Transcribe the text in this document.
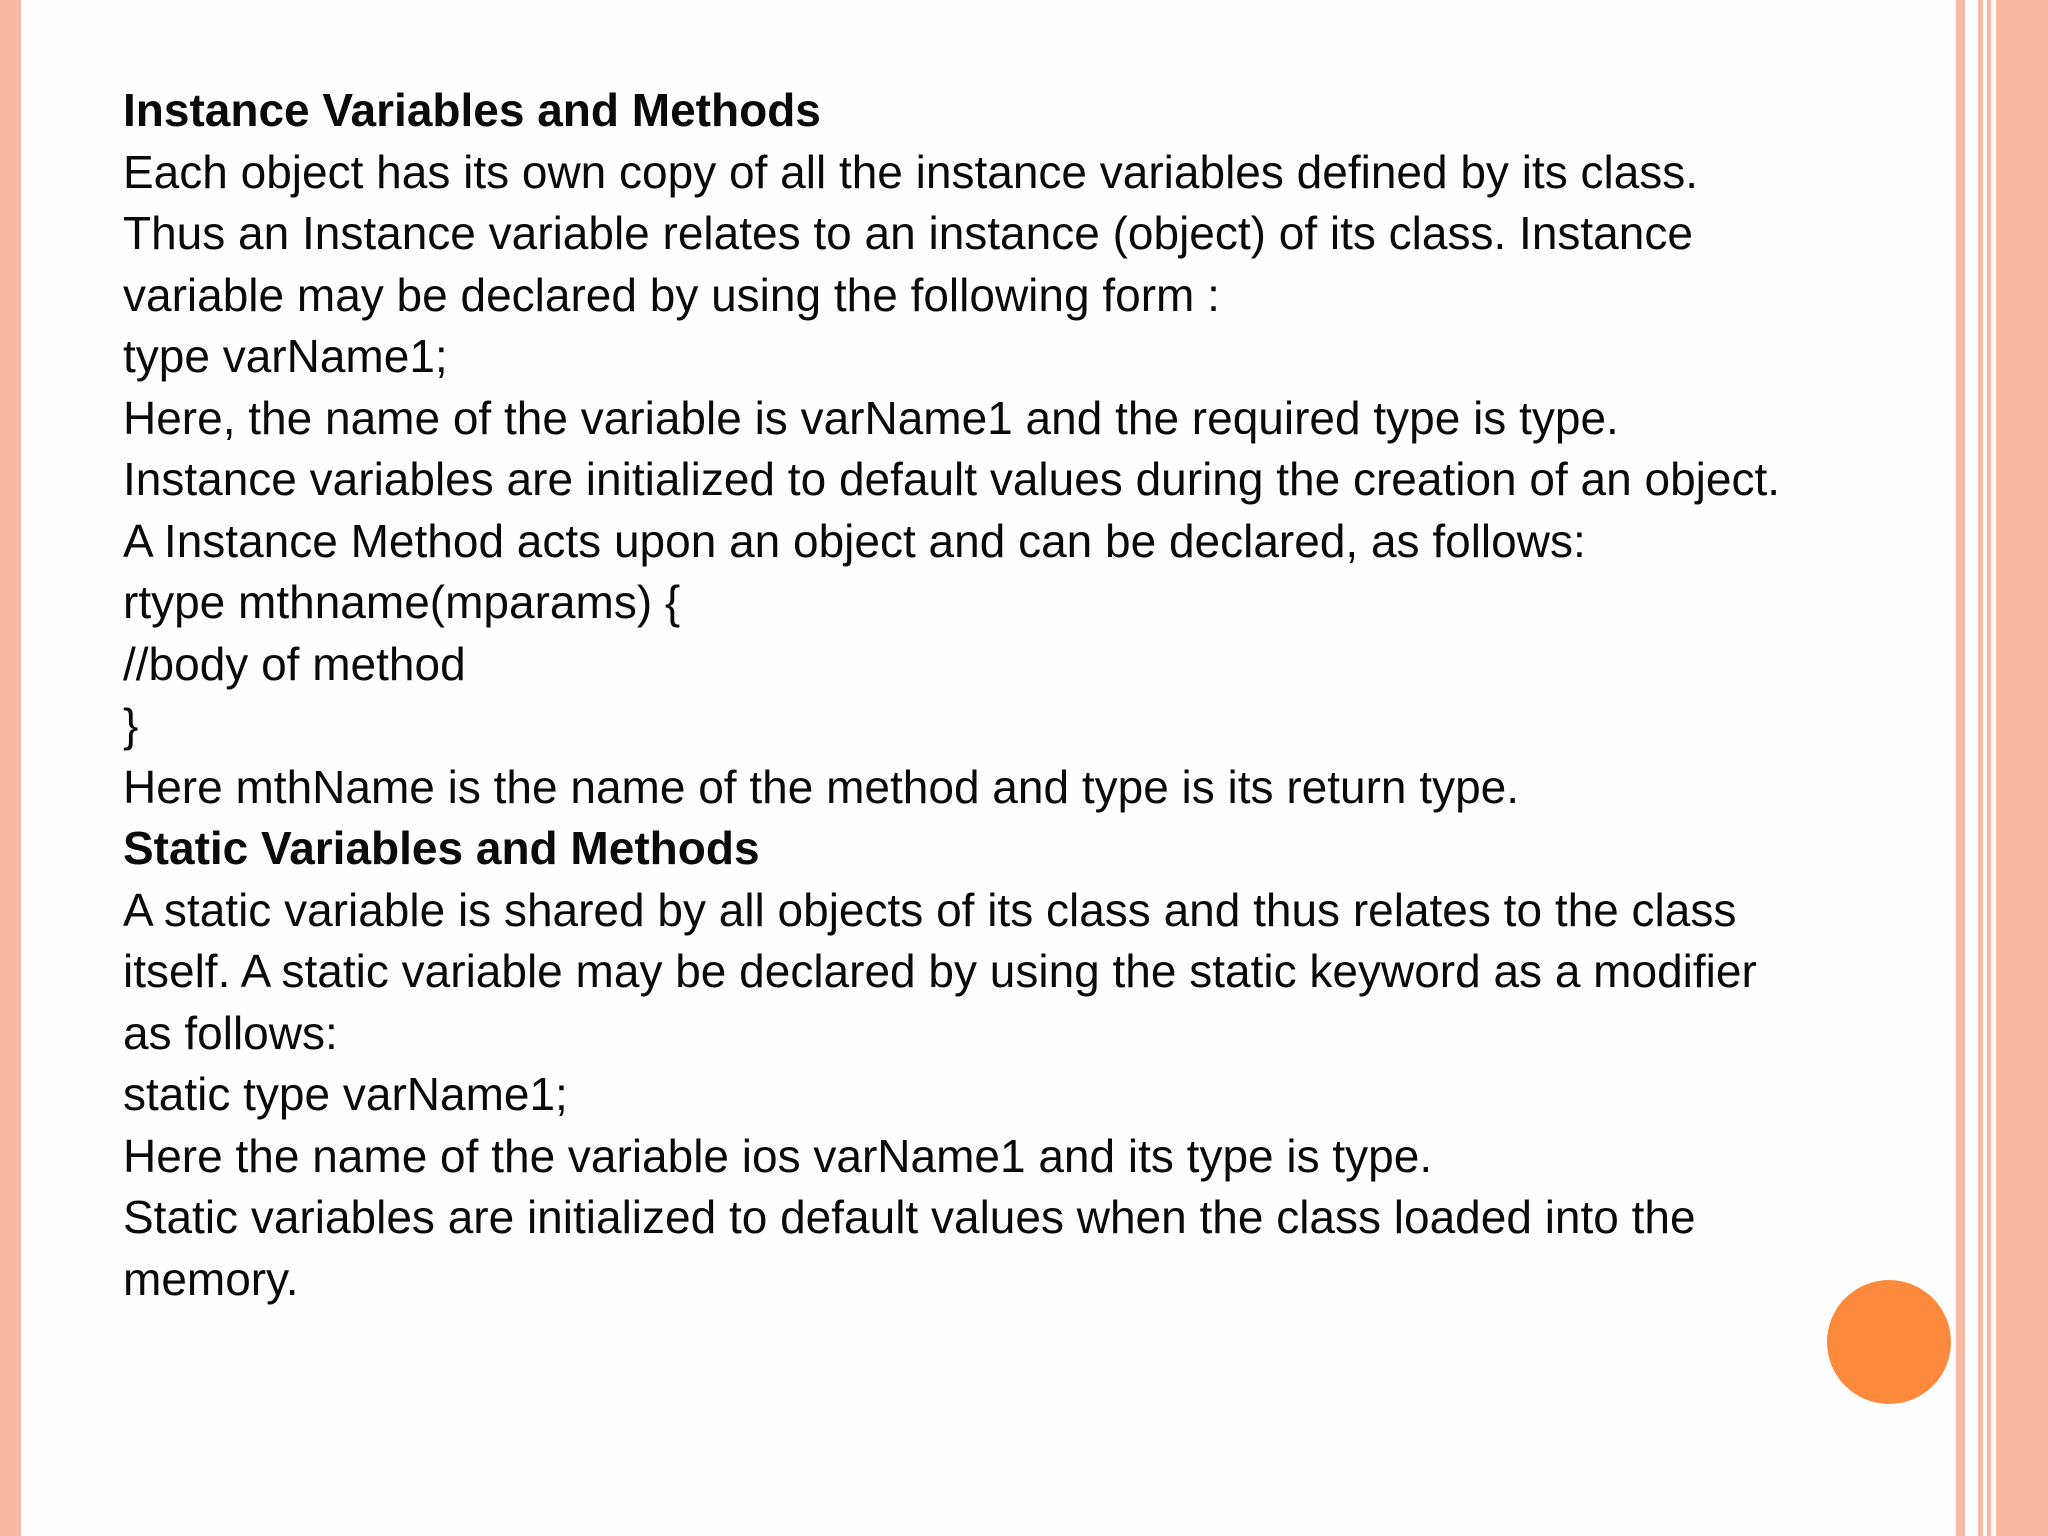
Instance Variables and Methods
Each object has its own copy of all the instance variables defined by its class.
Thus an Instance variable relates to an instance (object) of its class. Instance
variable may be declared by using the following form :
type varName1;
Here, the name of the variable is varName1 and the required type is type.
Instance variables are initialized to default values during the creation of an object.
A Instance Method acts upon an object and can be declared, as follows:
rtype mthname(mparams) {
//body of method
}
Here mthName is the name of the method and type is its return type.
Static Variables and Methods
A static variable is shared by all objects of its class and thus relates to the class
itself. A static variable may be declared by using the static keyword as a modifier
as follows:
static type varName1;
Here the name of the variable ios varName1 and its type is type.
Static variables are initialized to default values when the class loaded into the
memory.
